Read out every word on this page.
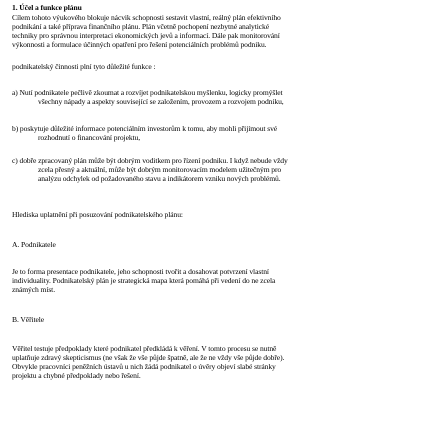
1. Účel a funkce plánu
Cílem tohoto výukového blokuje nácvik schopnosti sestavit vlastní, reálný plán efektivního
podnikání a také příprava finančního plánu. Plán včetně pochopení nezbytné analytické
techniky pro správnou interpretaci ekonomických jevů a informací. Dále pak monitorování
výkonnosti a formulace účinných opatření pro řešení potenciálních problémů podniku.
podnikatelský činnosti plní tyto důležité funkce :
a) Nutí podnikatele pečlivě zkoumat a rozvíjet podnikatelskou myšlenku, logicky promýšlet
všechny nápady a aspekty související se založením, provozem a rozvojem podniku,
b) poskytuje důležité informace potenciálním investorům k tomu, aby mohli přijímout své
rozhodnutí o financování projektu,
c) dobře zpracovaný plán může být dobrým voditkem pro řízení podniku. I když nebude vždy
zcela přesný a aktuální, může být dobrým monitorovacím modelem užitečným pro
analýzu odchylek od požadovaného stavu a indikátorem vzniku nových problémů.
Hlediska uplatnění při posuzování podnikatelského plánu:
A. Podnikatele
Je to forma presentace podnikatele, jeho schopnosti tvořit a dosahovat potvrzení vlastní
individuality. Podnikatelský plán je strategická mapa která pomáhá při vedení do ne zcela
známých míst.
B. Věřitele
Věřitel testuje předpoklady které podnikatel předkládá k věření. V tomto procesu se nutně
uplatňuje zdravý skepticismus (ne však že vše půjde špatně, ale že ne vždy vše půjde dobře).
Obvykle pracovníci peněžních ústavů u nich žádá podnikatel o úvěry objeví slabé stránky
projektu a chybné předpoklady nebo řešení.
